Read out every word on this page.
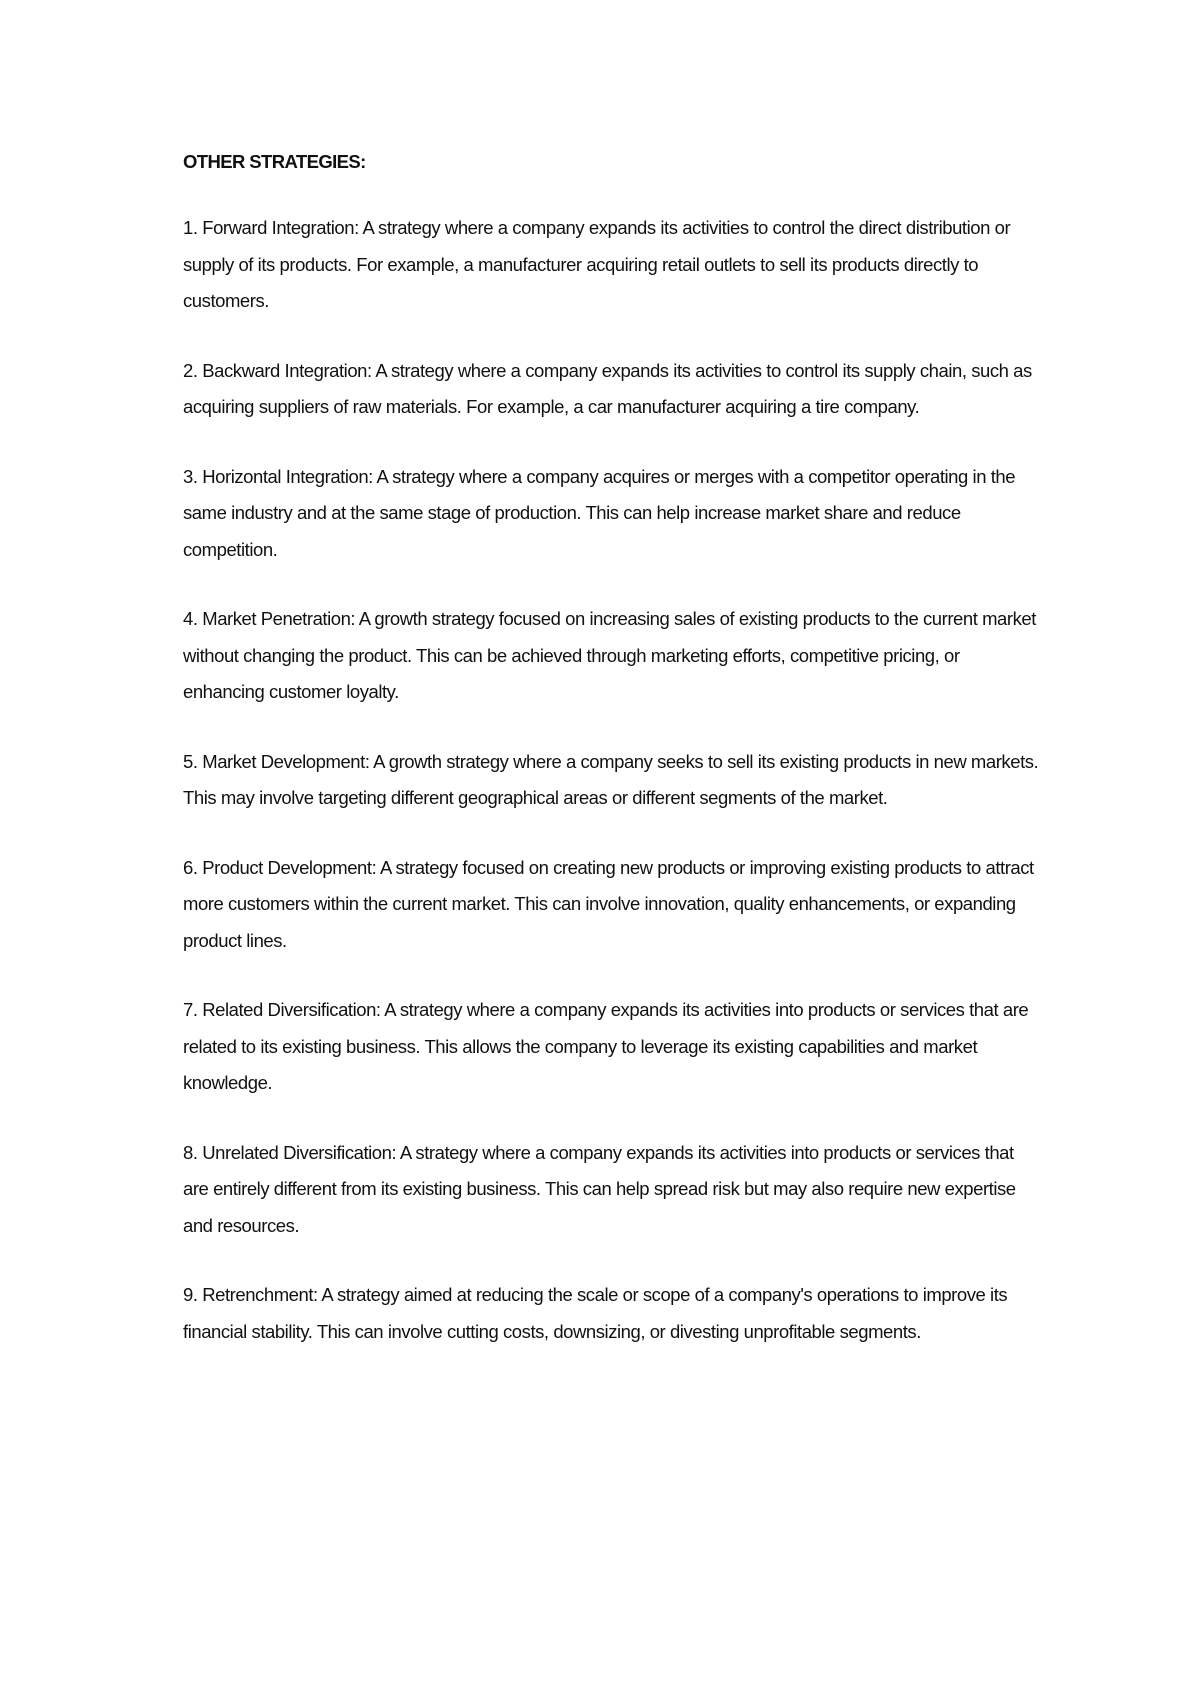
OTHER STRATEGIES:
1. Forward Integration: A strategy where a company expands its activities to control the direct distribution or supply of its products. For example, a manufacturer acquiring retail outlets to sell its products directly to customers.
2. Backward Integration: A strategy where a company expands its activities to control its supply chain, such as acquiring suppliers of raw materials. For example, a car manufacturer acquiring a tire company.
3. Horizontal Integration: A strategy where a company acquires or merges with a competitor operating in the same industry and at the same stage of production. This can help increase market share and reduce competition.
4. Market Penetration: A growth strategy focused on increasing sales of existing products to the current market without changing the product. This can be achieved through marketing efforts, competitive pricing, or enhancing customer loyalty.
5. Market Development: A growth strategy where a company seeks to sell its existing products in new markets. This may involve targeting different geographical areas or different segments of the market.
6. Product Development: A strategy focused on creating new products or improving existing products to attract more customers within the current market. This can involve innovation, quality enhancements, or expanding product lines.
7. Related Diversification: A strategy where a company expands its activities into products or services that are related to its existing business. This allows the company to leverage its existing capabilities and market knowledge.
8. Unrelated Diversification: A strategy where a company expands its activities into products or services that are entirely different from its existing business. This can help spread risk but may also require new expertise and resources.
9. Retrenchment: A strategy aimed at reducing the scale or scope of a company's operations to improve its financial stability. This can involve cutting costs, downsizing, or divesting unprofitable segments.
